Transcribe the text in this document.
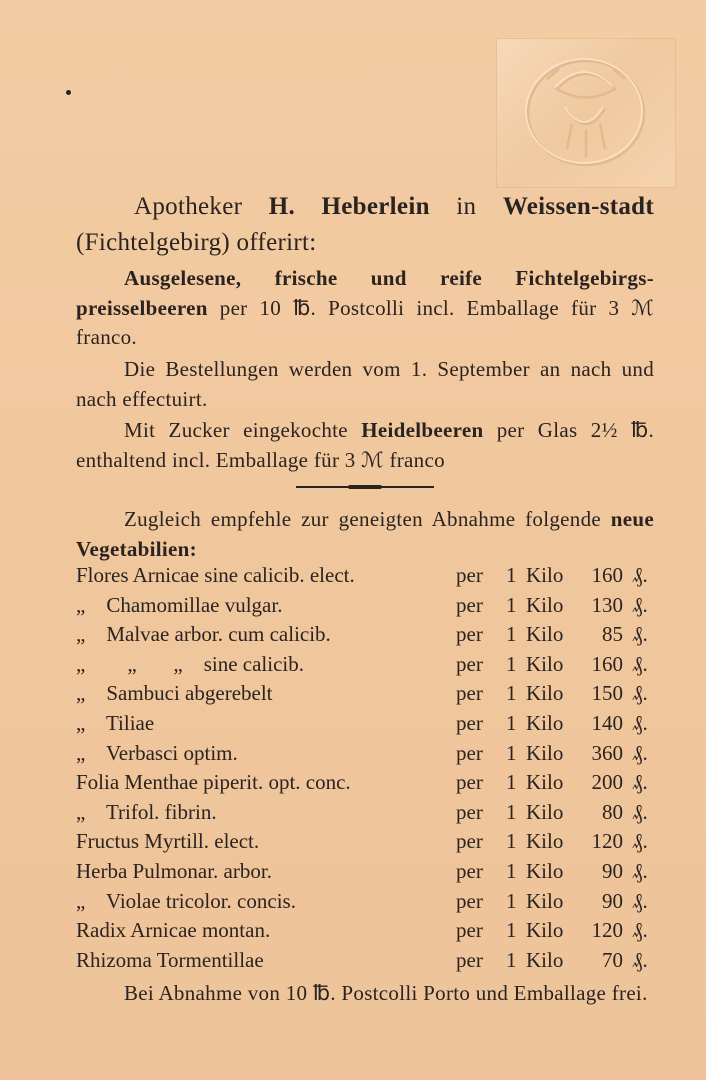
Apotheker H. Heberlein in Weissen-stadt (Fichtelgebirg) offerirt:
Ausgelesene, frische und reife Fichtelgebirgs-preisselbeeren per 10 ℔. Postcolli incl. Emballage für 3 ℳ franco.
Die Bestellungen werden vom 1. September an nach und nach effectuirt.
Mit Zucker eingekochte Heidelbeeren per Glas 2½ ℔. enthaltend incl. Emballage für 3 ℳ franco
Zugleich empfehle zur geneigten Abnahme folgende neue Vegetabilien:
Flores Arnicae sine calicib. elect.	per 1 Kilo	160 ₰.
„    Chamomillae vulgar.	per 1 Kilo	130 ₰.
„    Malvae arbor. cum calicib.	per 1 Kilo	85 ₰.
„        „       „    sine calicib.	per 1 Kilo	160 ₰.
„    Sambuci abgerebelt	per 1 Kilo	150 ₰.
„    Tiliae	per 1 Kilo	140 ₰.
„    Verbasci optim.	per 1 Kilo	360 ₰.
Folia Menthae piperit. opt. conc.	per 1 Kilo	200 ₰.
„    Trifol. fibrin.	per 1 Kilo	80 ₰.
Fructus Myrtill. elect.	per 1 Kilo	120 ₰.
Herba Pulmonar. arbor.	per 1 Kilo	90 ₰.
„    Violae tricolor. concis.	per 1 Kilo	90 ₰.
Radix Arnicae montan.	per 1 Kilo	120 ₰.
Rhizoma Tormentillae	per 1 Kilo	70 ₰.
Bei Abnahme von 10 ℔. Postcolli Porto und Emballage frei.
